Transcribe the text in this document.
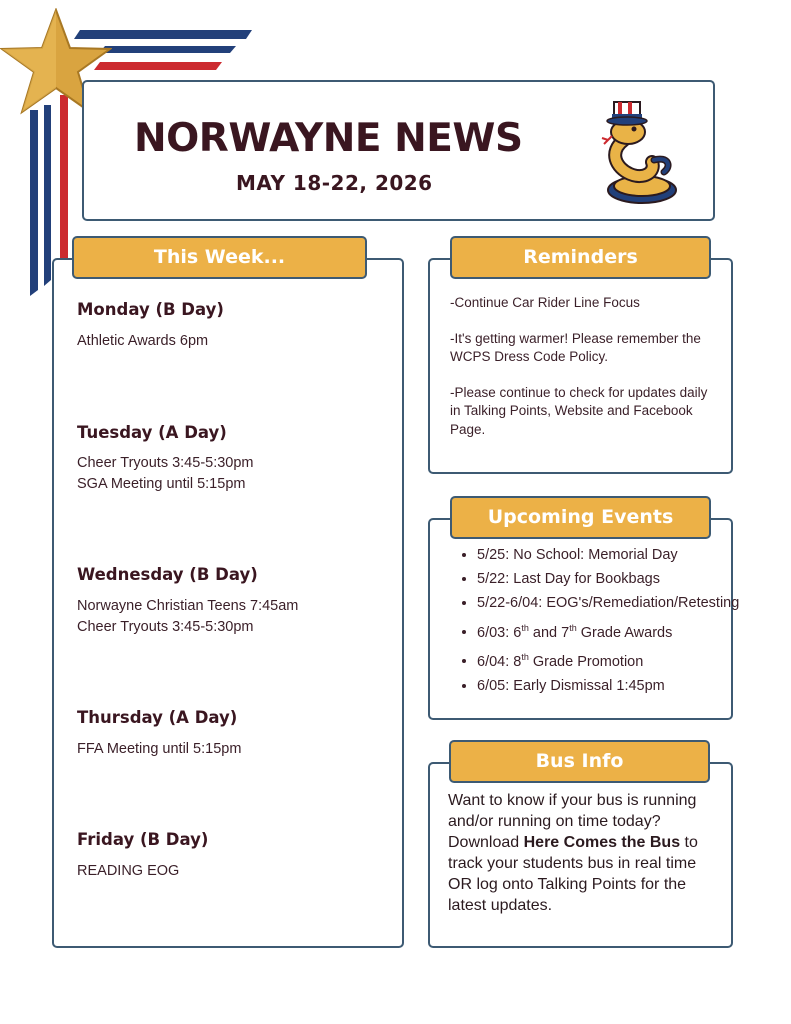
NORWAYNE NEWS
MAY 18-22, 2026
This Week...
Monday (B Day)
Athletic Awards 6pm
Tuesday (A Day)
Cheer Tryouts 3:45-5:30pm
SGA Meeting until 5:15pm
Wednesday (B Day)
Norwayne Christian Teens 7:45am
Cheer Tryouts 3:45-5:30pm
Thursday (A Day)
FFA Meeting until 5:15pm
Friday (B Day)
READING EOG
Reminders

-Continue Car Rider Line Focus

-It's getting warmer! Please remember the WCPS Dress Code Policy.

-Please continue to check for updates daily in Talking Points, Website and Facebook Page.

Upcoming Events
• 5/25: No School: Memorial Day
• 5/22: Last Day for Bookbags
• 5/22-6/04: EOG's/Remediation/Retesting
• 6/03: 6th and 7th Grade Awards
• 6/04: 8th Grade Promotion
• 6/05: Early Dismissal 1:45pm
Bus Info
Want to know if your bus is running and/or running on time today?
Download Here Comes the Bus to track your students bus in real time OR log onto Talking Points for the latest updates.
